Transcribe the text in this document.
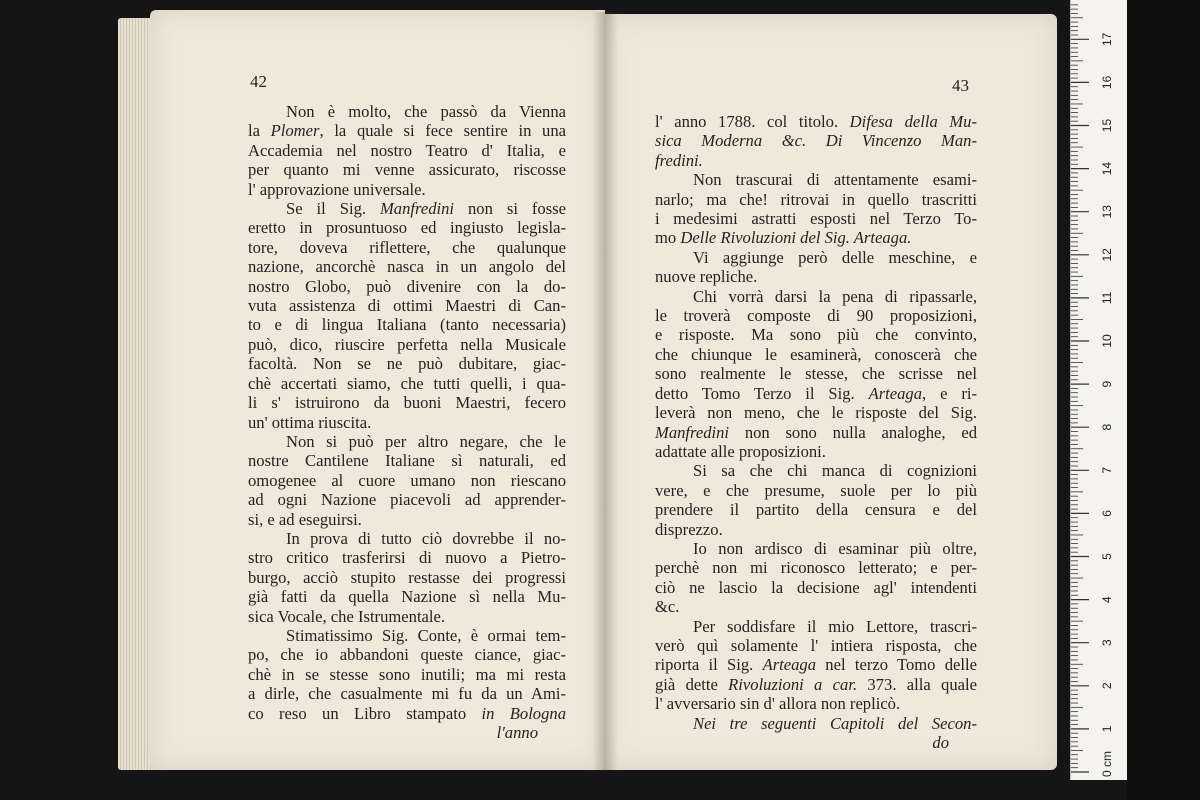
42
Non è molto, che passò da Vienna
la Plomer, la quale si fece sentire in una
Accademia nel nostro Teatro d' Italia, e
per quanto mi venne assicurato, riscosse
l' approvazione universale.
Se il Sig. Manfredini non si fosse
eretto in prosuntuoso ed ingiusto legisla-
tore, doveva riflettere, che qualunque
nazione, ancorchè nasca in un angolo del
nostro Globo, può divenire con la do-
vuta assistenza di ottimi Maestri di Can-
to e di lingua Italiana (tanto necessaria)
può, dico, riuscire perfetta nella Musicale
facoltà. Non se ne può dubitare, giac-
chè accertati siamo, che tutti quelli, i qua-
li s' istruirono da buoni Maestri, fecero
un' ottima riuscita.
Non si può per altro negare, che le
nostre Cantilene Italiane sì naturali, ed
omogenee al cuore umano non riescano
ad ogni Nazione piacevoli ad apprender-
si, e ad eseguirsi.
In prova di tutto ciò dovrebbe il no-
stro critico trasferirsi di nuovo a Pietro-
burgo, acciò stupito restasse dei progressi
già fatti da quella Nazione sì nella Mu-
sica Vocale, che Istrumentale.
Stimatissimo Sig. Conte, è ormai tem-
po, che io abbandoni queste ciance, giac-
chè in se stesse sono inutili; ma mi resta
a dirle, che casualmente mi fu da un Ami-
co reso un Libro stampato in Bologna
l'anno
43
l' anno 1788. col titolo. Difesa della Mu-
sica Moderna &c. Di Vincenzo Man-
fredini.
Non trascurai di attentamente esami-
narlo; ma che! ritrovai in quello trascritti
i medesimi astratti esposti nel Terzo To-
mo Delle Rivoluzioni del Sig. Arteaga.
Vi aggiunge però delle meschine, e
nuove repliche.
Chi vorrà darsi la pena di ripassarle,
le troverà composte di 90 proposizioni,
e risposte. Ma sono più che convinto,
che chiunque le esaminerà, conoscerà che
sono realmente le stesse, che scrisse nel
detto Tomo Terzo il Sig. Arteaga, e ri-
leverà non meno, che le risposte del Sig.
Manfredini non sono nulla analoghe, ed
adattate alle proposizioni.
Si sa che chi manca di cognizioni
vere, e che presume, suole per lo più
prendere il partito della censura e del
disprezzo.
Io non ardisco di esaminar più oltre,
perchè non mi riconosco letterato; e per-
ciò ne lascio la decisione agl' intendenti
&c.
Per soddisfare il mio Lettore, trascri-
verò quì solamente l' intiera risposta, che
riporta il Sig. Arteaga nel terzo Tomo delle
già dette Rivoluzioni a car. 373. alla quale
l' avversario sin d' allora non replicò.
Nei tre seguenti Capitoli del Secon-
do
0 cm
1
2
3
4
5
6
7
8
9
10
11
12
13
14
15
16
17
